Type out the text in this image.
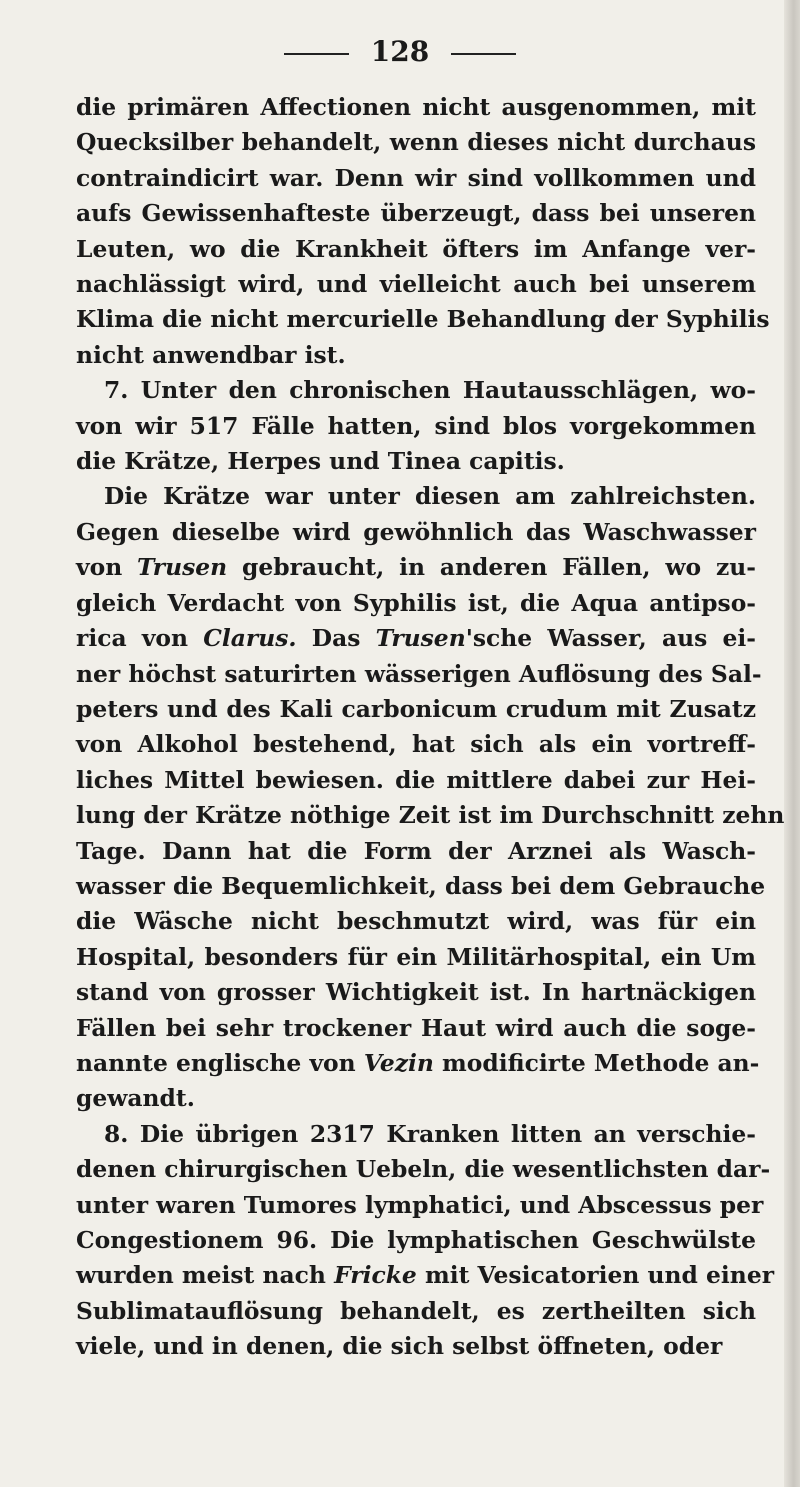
128
die primären Affectionen nicht ausgenommen, mit
Quecksilber behandelt, wenn dieses nicht durchaus
contraindicirt war. Denn wir sind vollkommen und
aufs Gewissenhafteste überzeugt, dass bei unseren
Leuten, wo die Krankheit öfters im Anfange ver-
nachlässigt wird, und vielleicht auch bei unserem
Klima die nicht mercurielle Behandlung der Syphilis
nicht anwendbar ist.
7. Unter den chronischen Hautausschlägen, wo-
von wir 517 Fälle hatten, sind blos vorgekommen
die Krätze, Herpes und Tinea capitis.
Die Krätze war unter diesen am zahlreichsten.
Gegen dieselbe wird gewöhnlich das Waschwasser
von Trusen gebraucht, in anderen Fällen, wo zu-
gleich Verdacht von Syphilis ist, die Aqua antipso-
rica von Clarus. Das Trusen'sche Wasser, aus ei-
ner höchst saturirten wässerigen Auflösung des Sal-
peters und des Kali carbonicum crudum mit Zusatz
von Alkohol bestehend, hat sich als ein vortreff-
liches Mittel bewiesen. die mittlere dabei zur Hei-
lung der Krätze nöthige Zeit ist im Durchschnitt zehn
Tage. Dann hat die Form der Arznei als Wasch-
wasser die Bequemlichkeit, dass bei dem Gebrauche
die Wäsche nicht beschmutzt wird, was für ein
Hospital, besonders für ein Militärhospital, ein Um
stand von grosser Wichtigkeit ist. In hartnäckigen
Fällen bei sehr trockener Haut wird auch die soge-
nannte englische von Vezin modificirte Methode an-
gewandt.
8. Die übrigen 2317 Kranken litten an verschie-
denen chirurgischen Uebeln, die wesentlichsten dar-
unter waren Tumores lymphatici, und Abscessus per
Congestionem 96. Die lymphatischen Geschwülste
wurden meist nach Fricke mit Vesicatorien und einer
Sublimatauflösung behandelt, es zertheilten sich
viele, und in denen, die sich selbst öffneten, oder
